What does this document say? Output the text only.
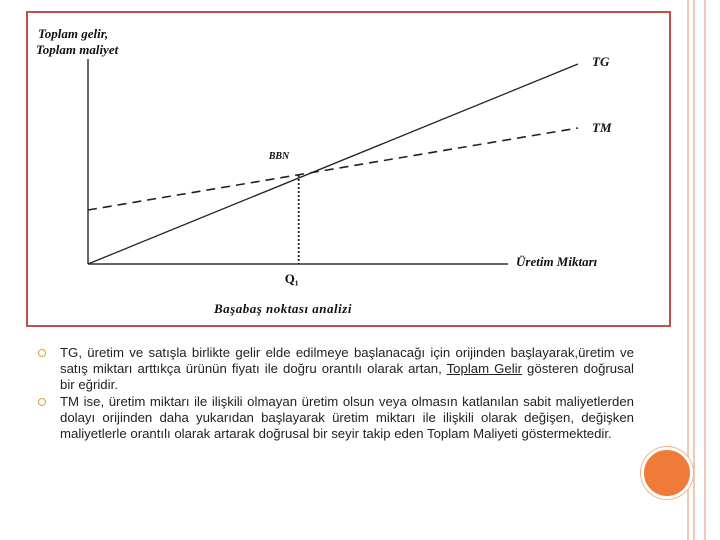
Toplam gelir,
Toplam maliyet
TG
TM
BBN
Q₁
Üretim Miktarı
Başabaş noktası analizi
TG, üretim ve satışla birlikte gelir elde edilmeye başlanacağı için orijinden başlayarak,üretim ve satış miktarı arttıkça ürünün fiyatı ile doğru orantılı olarak artan, Toplam Gelir gösteren doğrusal bir eğridir.
TM ise, üretim miktarı ile ilişkili olmayan üretim olsun veya olmasın katlanılan sabit maliyetlerden dolayı orijinden daha yukarıdan başlayarak üretim miktarı ile ilişkili olarak değişen, değişken maliyetlerle orantılı olarak artarak doğrusal bir seyir takip eden Toplam Maliyeti göstermektedir.
